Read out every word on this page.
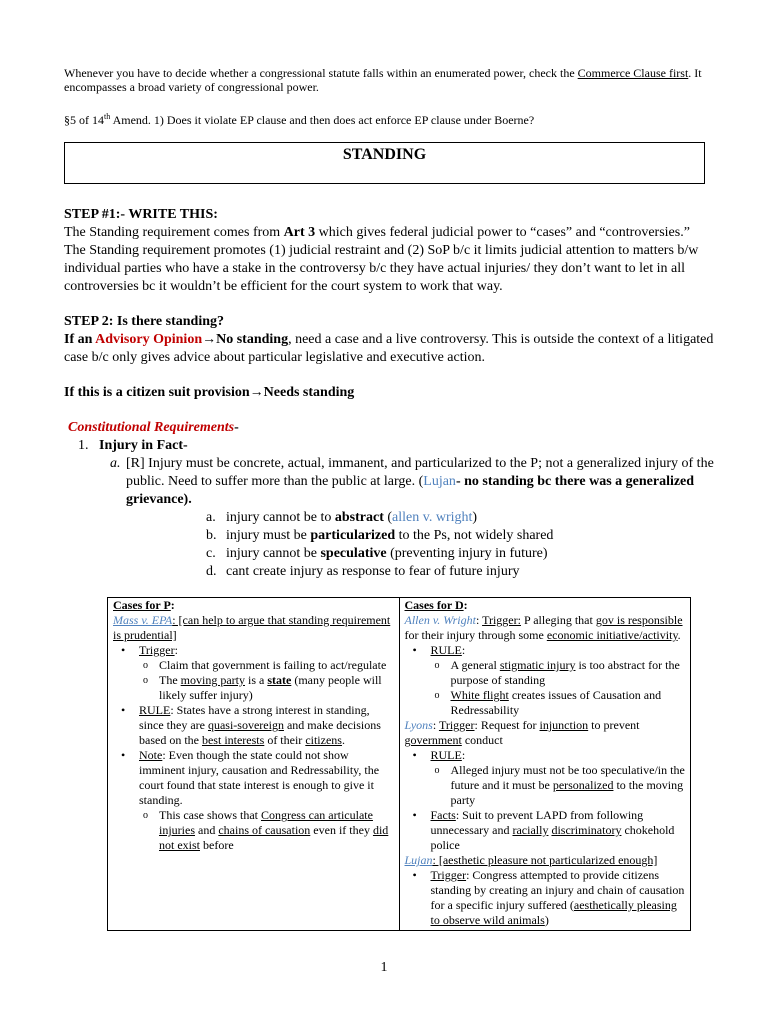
Whenever you have to decide whether a congressional statute falls within an enumerated power, check the Commerce Clause first. It encompasses a broad variety of congressional power.
§5 of 14th Amend. 1) Does it violate EP clause and then does act enforce EP clause under Boerne?
STANDING

STEP #1:- WRITE THIS:

The Standing requirement comes from Art 3 which gives federal judicial power to “cases” and “controversies.” The Standing requirement promotes (1) judicial restraint and (2) SoP b/c it limits judicial attention to matters b/w individual parties who have a stake in the controversy b/c they have actual injuries/ they don’t want to let in all controversies bc it wouldn’t be efficient for the court system to work that way.

STEP 2: Is there standing?

If an Advisory Opinion→No standing, need a case and a live controversy. This is outside the context of a litigated case b/c only gives advice about particular legislative and executive action.

If this is a citizen suit provision→Needs standing

Constitutional Requirements-

1. Injury in Fact-

a. [R] Injury must be concrete, actual, immanent, and particularized to the P; not a generalized injury of the public. Need to suffer more than the public at large. (Lujan- no standing bc there was a generalized grievance).

a. injury cannot be to abstract (allen v. wright)

b. injury must be particularized to the Ps, not widely shared

c. injury cannot be speculative (preventing injury in future)

d. cant create injury as response to fear of future injury

Cases for P:
Mass v. EPA: [can help to argue that standing requirement is prudential]
• Trigger:
o Claim that government is failing to act/regulate
o The moving party is a state (many people will likely suffer injury)
• RULE: States have a strong interest in standing, since they are quasi-sovereign and make decisions based on the best interests of their citizens.
• Note: Even though the state could not show imminent injury, causation and Redressability, the court found that state interest is enough to give it standing.
o This case shows that Congress can articulate injuries and chains of causation even if they did not exist before

Cases for D:
Allen v. Wright: Trigger: P alleging that gov is responsible for their injury through some economic initiative/activity.
• RULE:
o A general stigmatic injury is too abstract for the purpose of standing
o White flight creates issues of Causation and Redressability
Lyons: Trigger: Request for injunction to prevent government conduct
• RULE:
o Alleged injury must not be too speculative/in the future and it must be personalized to the moving party
• Facts: Suit to prevent LAPD from following unnecessary and racially discriminatory chokehold police
Lujan: [aesthetic pleasure not particularized enough]
• Trigger: Congress attempted to provide citizens standing by creating an injury and chain of causation for a specific injury suffered (aesthetically pleasing to observe wild animals)
1
